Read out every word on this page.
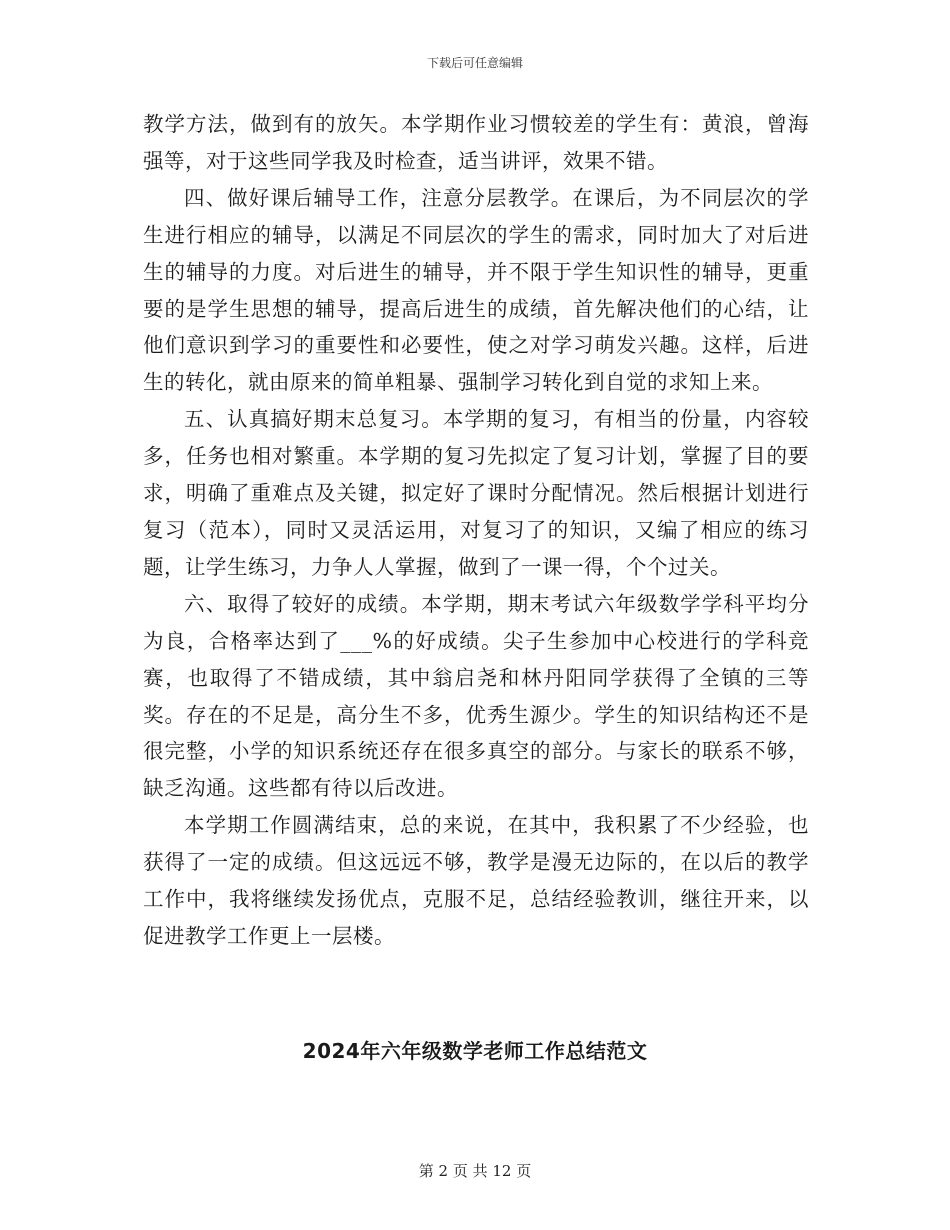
下载后可任意编辑

教学方法，做到有的放矢。本学期作业习惯较差的学生有：黄浪，曾海强等，对于这些同学我及时检查，适当讲评，效果不错。

四、做好课后辅导工作，注意分层教学。在课后，为不同层次的学生进行相应的辅导，以满足不同层次的学生的需求，同时加大了对后进生的辅导的力度。对后进生的辅导，并不限于学生知识性的辅导，更重要的是学生思想的辅导，提高后进生的成绩，首先解决他们的心结，让他们意识到学习的重要性和必要性，使之对学习萌发兴趣。这样，后进生的转化，就由原来的简单粗暴、强制学习转化到自觉的求知上来。

五、认真搞好期末总复习。本学期的复习，有相当的份量，内容较多，任务也相对繁重。本学期的复习先拟定了复习计划，掌握了目的要求，明确了重难点及关键，拟定好了课时分配情况。然后根据计划进行复习（范本），同时又灵活运用，对复习了的知识，又编了相应的练习题，让学生练习，力争人人掌握，做到了一课一得，个个过关。

六、取得了较好的成绩。本学期，期末考试六年级数学学科平均分为良，合格率达到了___%的好成绩。尖子生参加中心校进行的学科竞赛，也取得了不错成绩，其中翁启尧和林丹阳同学获得了全镇的三等奖。存在的不足是，高分生不多，优秀生源少。学生的知识结构还不是很完整，小学的知识系统还存在很多真空的部分。与家长的联系不够，缺乏沟通。这些都有待以后改进。

本学期工作圆满结束，总的来说，在其中，我积累了不少经验，也获得了一定的成绩。但这远远不够，教学是漫无边际的，在以后的教学工作中，我将继续发扬优点，克服不足，总结经验教训，继往开来，以促进教学工作更上一层楼。

2024年六年级数学老师工作总结范文
第 2 页 共 12 页
